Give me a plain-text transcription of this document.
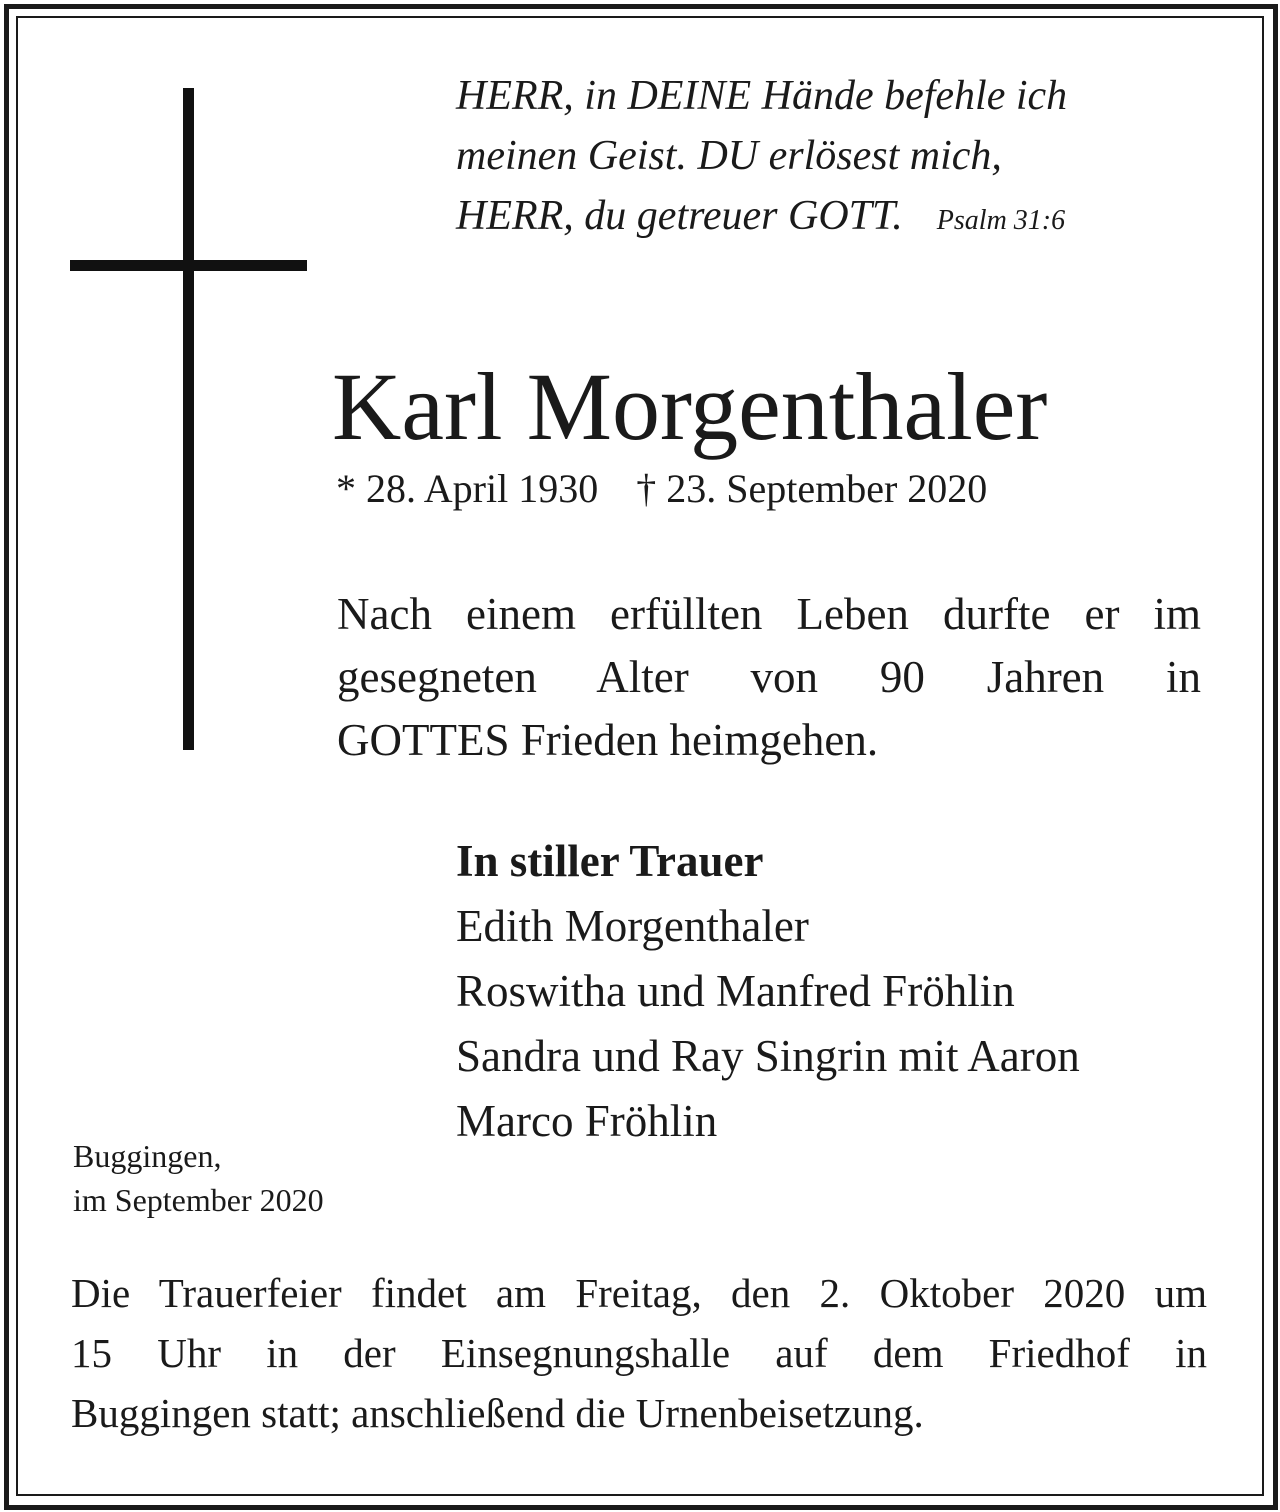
HERR, in DEINE Hände befehle ich
meinen Geist. DU erlösest mich,
HERR, du getreuer GOTT. Psalm 31:6
Karl Morgenthaler
* 28. April 1930 † 23. September 2020
Nach einem erfüllten Leben durfte er im
gesegneten Alter von 90 Jahren in
GOTTES Frieden heimgehen.
In stiller Trauer
Edith Morgenthaler
Roswitha und Manfred Fröhlin
Sandra und Ray Singrin mit Aaron
Marco Fröhlin
Buggingen,
im September 2020
Die Trauerfeier findet am Freitag, den 2. Oktober 2020 um
15 Uhr in der Einsegnungshalle auf dem Friedhof in
Buggingen statt; anschließend die Urnenbeisetzung.
